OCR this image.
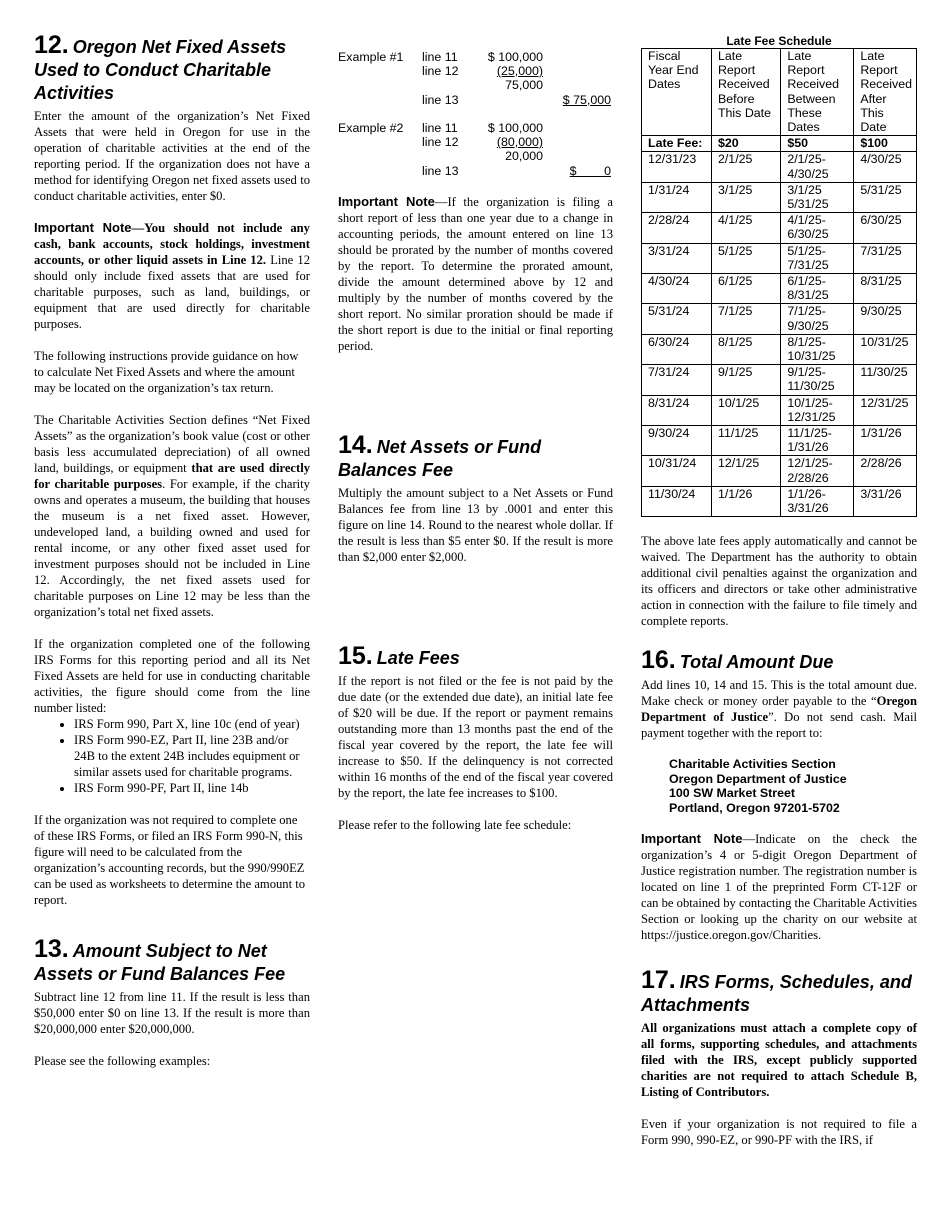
12. Oregon Net Fixed Assets Used to Conduct Charitable Activities

Enter the amount of the organization’s Net Fixed Assets that were held in Oregon for use in the operation of charitable activities at the end of the reporting period. If the organization does not have a method for identifying Oregon net fixed assets used to conduct charitable activities, enter $0.

Important Note—You should not include any cash, bank accounts, stock holdings, investment accounts, or other liquid assets in Line 12. Line 12 should only include fixed assets that are used for charitable purposes, such as land, buildings, or equipment that are used directly for charitable purposes.

The following instructions provide guidance on how to calculate Net Fixed Assets and where the amount may be located on the organization’s tax return.

The Charitable Activities Section defines “Net Fixed Assets” as the organization’s book value (cost or other basis less accumulated depreciation) of all owned land, buildings, or equipment that are used directly for charitable purposes. For example, if the charity owns and operates a museum, the building that houses the museum is a net fixed asset. However, undeveloped land, a building owned and used for rental income, or any other fixed asset used for investment purposes should not be included in Line 12. Accordingly, the net fixed assets used for charitable purposes on Line 12 may be less than the organization’s total net fixed assets.

If the organization completed one of the following IRS Forms for this reporting period and all its Net Fixed Assets are held for use in conducting charitable activities, the figure should come from the line number listed:

• IRS Form 990, Part X, line 10c (end of year)
• IRS Form 990-EZ, Part II, line 23B and/or 24B to the extent 24B includes equipment or similar assets used for charitable programs.
• IRS Form 990-PF, Part II, line 14b

If the organization was not required to complete one of these IRS Forms, or filed an IRS Form 990-N, this figure will need to be calculated from the organization’s accounting records, but the 990/990EZ can be used as worksheets to determine the amount to report.

13. Amount Subject to Net Assets or Fund Balances Fee

Subtract line 12 from line 11. If the result is less than $50,000 enter $0 on line 13. If the result is more than $20,000,000 enter $20,000,000.

Please see the following examples:

Example #1 line 11 $ 100,000
line 12	(25,000)
75,000
line 13	$ 75,000
Example #2 line 11 $ 100,000
line 12	(80,000)
20,000
line 13	$        0

Important Note—If the organization is filing a short report of less than one year due to a change in accounting periods, the amount entered on line 13 should be prorated by the number of months covered by the report. To determine the prorated amount, divide the amount determined above by 12 and multiply by the number of months covered by the short report. No similar proration should be made if the short report is due to the initial or final reporting period.

14. Net Assets or Fund Balances Fee

Multiply the amount subject to a Net Assets or Fund Balances fee from line 13 by .0001 and enter this figure on line 14. Round to the nearest whole dollar. If the result is less than $5 enter $0. If the result is more than $2,000 enter $2,000.

15. Late Fees

If the report is not filed or the fee is not paid by the due date (or the extended due date), an initial late fee of $20 will be due. If the report or payment remains outstanding more than 13 months past the end of the fiscal year covered by the report, the late fee will increase to $50. If the delinquency is not corrected within 16 months of the end of the fiscal year covered by the report, the late fee increases to $100.

Please refer to the following late fee schedule:

Late Fee Schedule
Fiscal Year End Dates	Late Report Received Before This Date	Late Report Received Between These Dates	Late Report Received After This Date
Late Fee:	$20	$50	$100
12/31/23	2/1/25	2/1/25-4/30/25	4/30/25
1/31/24	3/1/25	3/1/25 5/31/25	5/31/25
2/28/24	4/1/25	4/1/25-6/30/25	6/30/25
3/31/24	5/1/25	5/1/25-7/31/25	7/31/25
4/30/24	6/1/25	6/1/25-8/31/25	8/31/25
5/31/24	7/1/25	7/1/25-9/30/25	9/30/25
6/30/24	8/1/25	8/1/25-10/31/25	10/31/25
7/31/24	9/1/25	9/1/25-11/30/25	11/30/25
8/31/24	10/1/25	10/1/25-12/31/25	12/31/25
9/30/24	11/1/25	11/1/25-1/31/26	1/31/26
10/31/24	12/1/25	12/1/25-2/28/26	2/28/26
11/30/24	1/1/26	1/1/26-3/31/26	3/31/26

The above late fees apply automatically and cannot be waived. The Department has the authority to obtain additional civil penalties against the organization and its officers and directors or take other administrative action in connection with the failure to file timely and complete reports.

16. Total Amount Due

Add lines 10, 14 and 15. This is the total amount due. Make check or money order payable to the “Oregon Department of Justice”. Do not send cash. Mail payment together with the report to:

Charitable Activities Section
Oregon Department of Justice
100 SW Market Street
Portland, Oregon 97201-5702

Important Note—Indicate on the check the organization’s 4 or 5-digit Oregon Department of Justice registration number. The registration number is located on line 1 of the preprinted Form CT-12F or can be obtained by contacting the Charitable Activities Section or looking up the charity on our website at https://justice.oregon.gov/Charities.

17. IRS Forms, Schedules, and Attachments

All organizations must attach a complete copy of all forms, supporting schedules, and attachments filed with the IRS, except publicly supported charities are not required to attach Schedule B, Listing of Contributors.

Even if your organization is not required to file a Form 990, 990-EZ, or 990-PF with the IRS, if
